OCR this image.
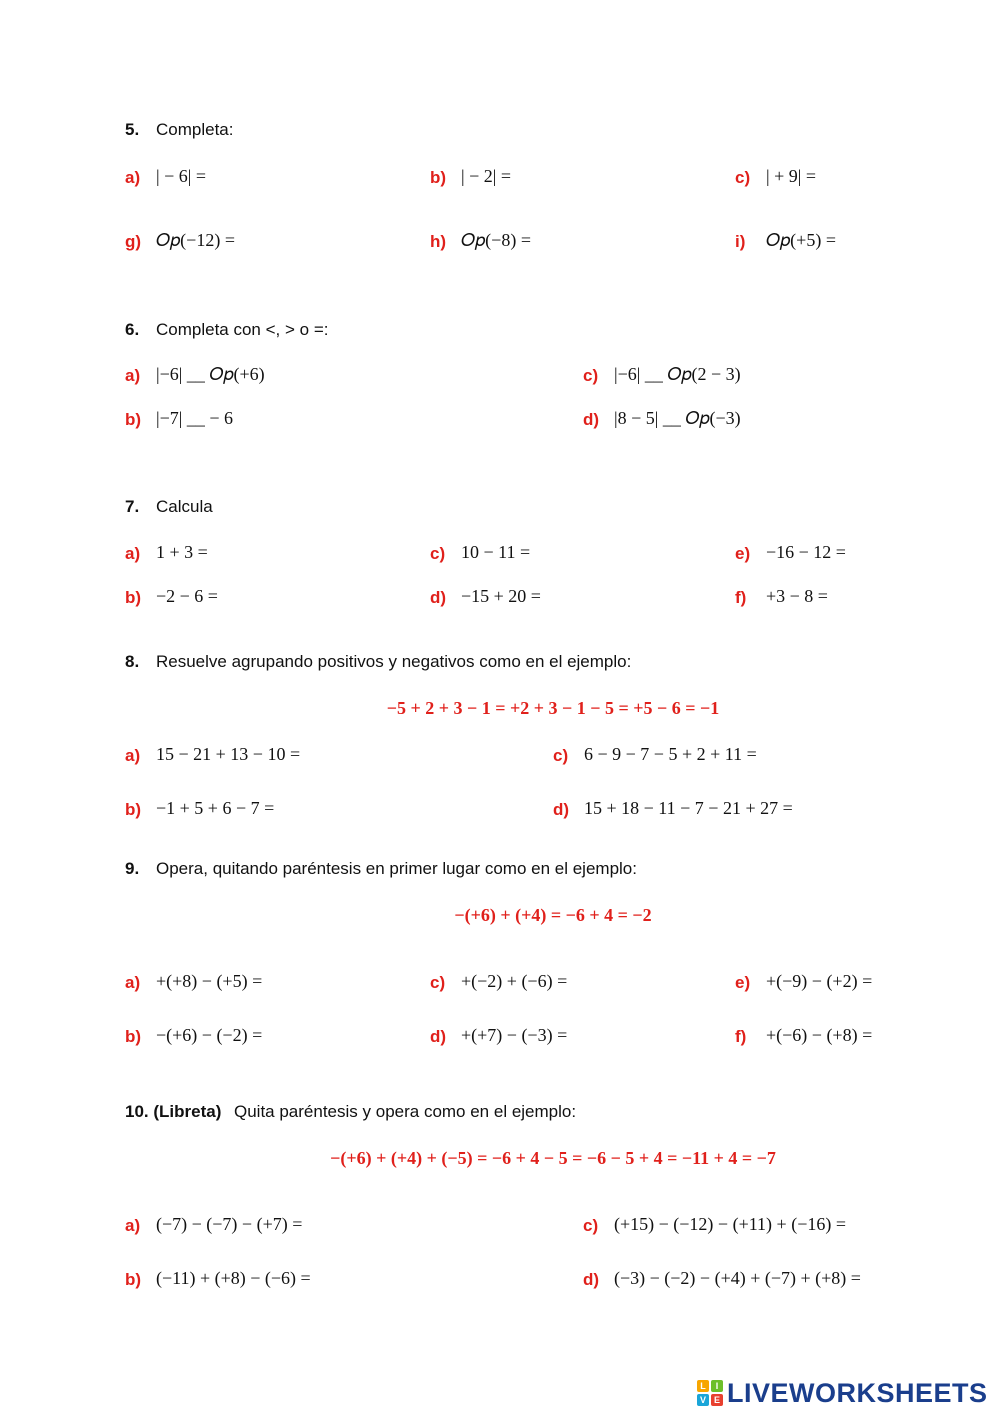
5. Completa:
a) | − 6| =	b) | − 2| =	c) | + 9| =
g) 𝑂𝑝(−12) =	h) 𝑂𝑝(−8) =	i) 𝑂𝑝(+5) =
6. Completa con <, > o =:
a) |−6| __ 𝑂𝑝(+6)	c) |−6| __ 𝑂𝑝(2 − 3)
b) |−7| __ − 6	d) |8 − 5| __ 𝑂𝑝(−3)
7. Calcula
a) 1 + 3 =	c) 10 − 11 =	e) −16 − 12 =
b) −2 − 6 =	d) −15 + 20 =	f) +3 − 8 =
8. Resuelve agrupando positivos y negativos como en el ejemplo:
−5 + 2 + 3 − 1 = +2 + 3 − 1 − 5 = +5 − 6 = −1
a) 15 − 21 + 13 − 10 =	c) 6 − 9 − 7 − 5 + 2 + 11 =
b) −1 + 5 + 6 − 7 =	d) 15 + 18 − 11 − 7 − 21 + 27 =
9. Opera, quitando paréntesis en primer lugar como en el ejemplo:
−(+6) + (+4) = −6 + 4 = −2
a) +(+8) − (+5) =	c) +(−2) + (−6) =	e) +(−9) − (+2) =
b) −(+6) − (−2) =	d) +(+7) − (−3) =	f) +(−6) − (+8) =
10. (Libreta) Quita paréntesis y opera como en el ejemplo:
−(+6) + (+4) + (−5) = −6 + 4 − 5 = −6 − 5 + 4 = −11 + 4 = −7
a) (−7) − (−7) − (+7) =	c) (+15) − (−12) − (+11) + (−16) =
b) (−11) + (+8) − (−6) =	d) (−3) − (−2) − (+4) + (−7) + (+8) =
L	I
V E LIVEWORKSHEETS
